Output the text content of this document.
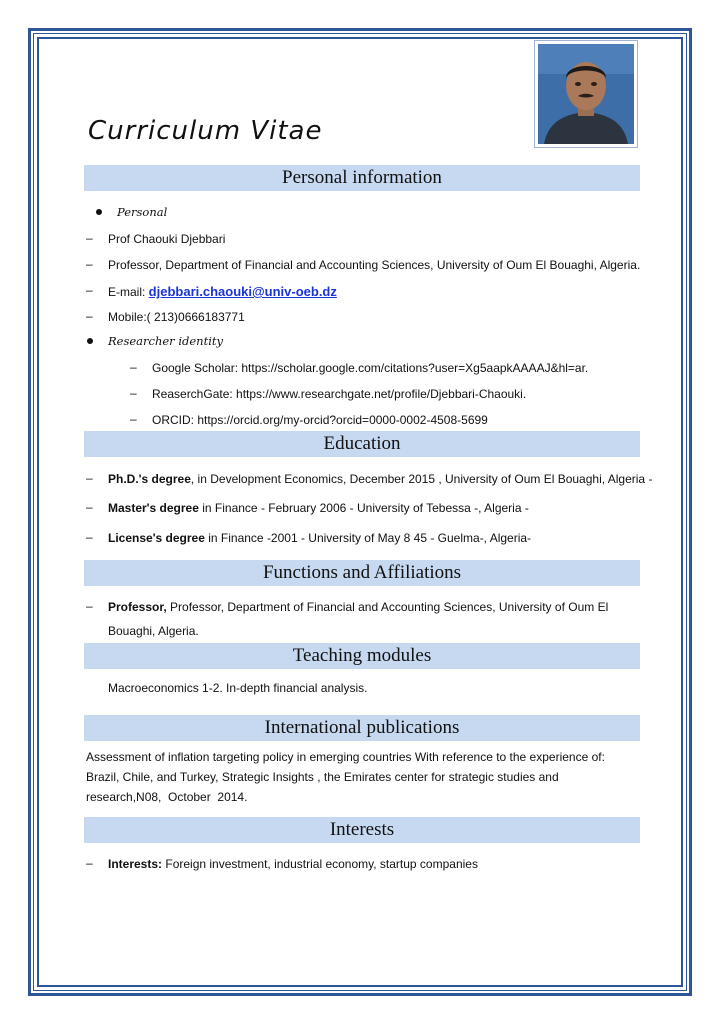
Curriculum Vitae
Personal information
Personal
– Prof Chaouki Djebbari
– Professor, Department of Financial and Accounting Sciences, University of Oum El Bouaghi, Algeria.
– E-mail: djebbari.chaouki@univ-oeb.dz
– Mobile:( 213)0666183771
Researcher identity
– Google Scholar: https://scholar.google.com/citations?user=Xg5aapkAAAAJ&hl=ar.
– ReaserchGate: https://www.researchgate.net/profile/Djebbari-Chaouki.
– ORCID: https://orcid.org/my-orcid?orcid=0000-0002-4508-5699
Education
– Ph.D.'s degree, in Development Economics, December 2015 , University of Oum El Bouaghi, Algeria -
– Master's degree in Finance - February 2006 - University of Tebessa -, Algeria -
– License's degree in Finance -2001 - University of May 8 45 - Guelma-, Algeria-
Functions and Affiliations
– Professor, Professor, Department of Financial and Accounting Sciences, University of Oum El
Bouaghi, Algeria.
Teaching modules
Macroeconomics 1-2. In-depth financial analysis.
International publications
Assessment of inflation targeting policy in emerging countries With reference to the experience of:
Brazil, Chile, and Turkey, Strategic Insights , the Emirates center for strategic studies and
research,N08,  October  2014.
Interests
– Interests: Foreign investment, industrial economy, startup companies
